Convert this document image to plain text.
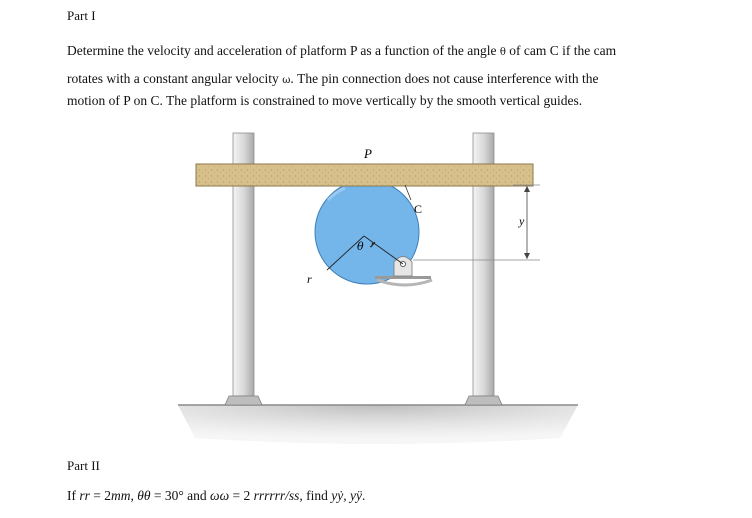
Part I
Determine the velocity and acceleration of platform P as a function of the angle θ of cam C if the cam
rotates with a constant angular velocity ω. The pin connection does not cause interference with the
motion of P on C. The platform is constrained to move vertically by the smooth vertical guides.
P
C
y
θ
r
Part II
If rr = 2mm, θθ = 30° and ωω = 2 rrrrrr/ss, find yẏ, yÿ.
